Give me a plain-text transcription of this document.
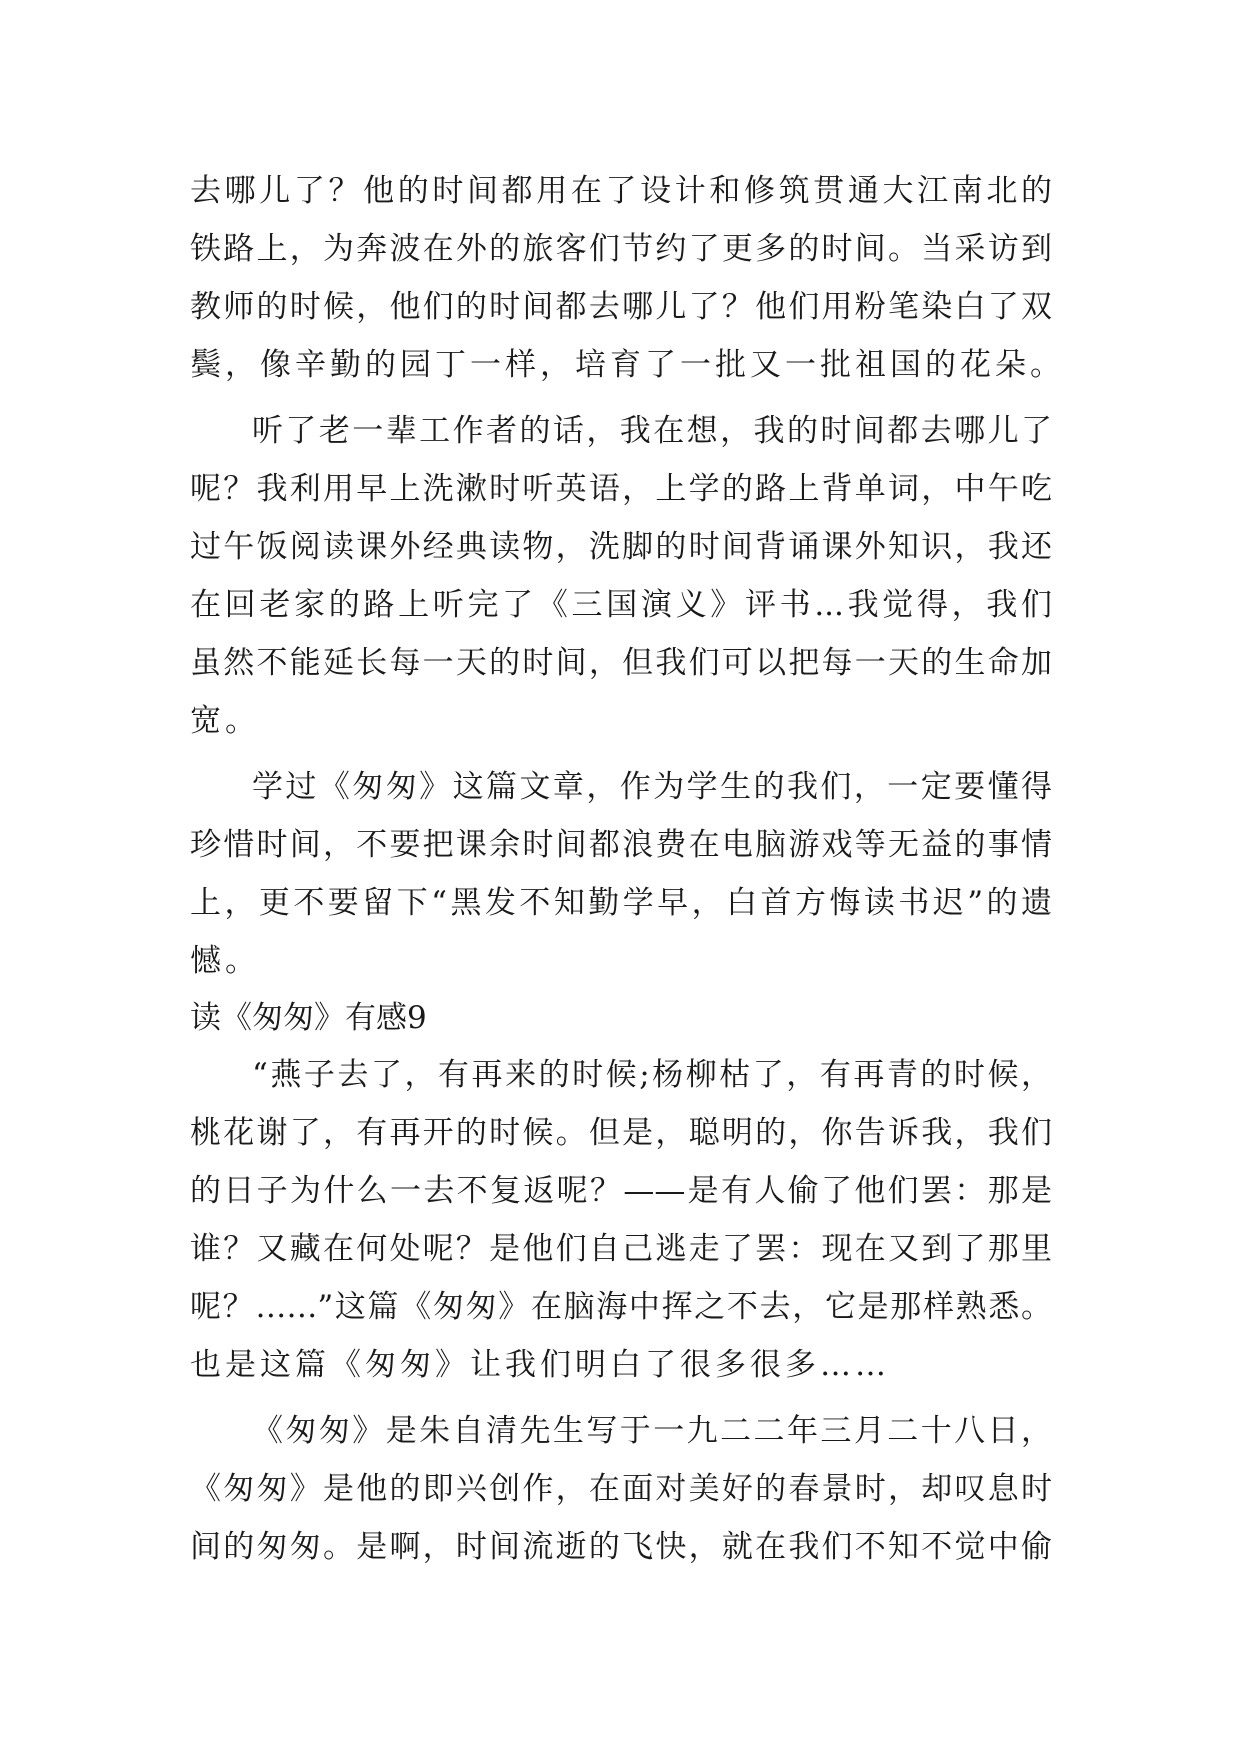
去哪儿了？他的时间都用在了设计和修筑贯通大江南北的
铁路上，为奔波在外的旅客们节约了更多的时间。当采访到
教师的时候，他们的时间都去哪儿了？他们用粉笔染白了双
鬓，像辛勤的园丁一样，培育了一批又一批祖国的花朵。
听了老一辈工作者的话，我在想，我的时间都去哪儿了
呢？我利用早上洗漱时听英语，上学的路上背单词，中午吃
过午饭阅读课外经典读物，洗脚的时间背诵课外知识，我还
在回老家的路上听完了《三国演义》评书...我觉得，我们
虽然不能延长每一天的时间，但我们可以把每一天的生命加
宽。
学过《匆匆》这篇文章，作为学生的我们，一定要懂得
珍惜时间，不要把课余时间都浪费在电脑游戏等无益的事情
上，更不要留下“黑发不知勤学早，白首方悔读书迟”的遗
憾。
读《匆匆》有感9
“燕子去了，有再来的时候;杨柳枯了，有再青的时候，
桃花谢了，有再开的时候。但是，聪明的，你告诉我，我们
的日子为什么一去不复返呢？——是有人偷了他们罢：那是
谁？又藏在何处呢？是他们自己逃走了罢：现在又到了那里
呢？……”这篇《匆匆》在脑海中挥之不去，它是那样熟悉。
也是这篇《匆匆》让我们明白了很多很多……
《匆匆》是朱自清先生写于一九二二年三月二十八日，
《匆匆》是他的即兴创作，在面对美好的春景时，却叹息时
间的匆匆。是啊，时间流逝的飞快，就在我们不知不觉中偷
